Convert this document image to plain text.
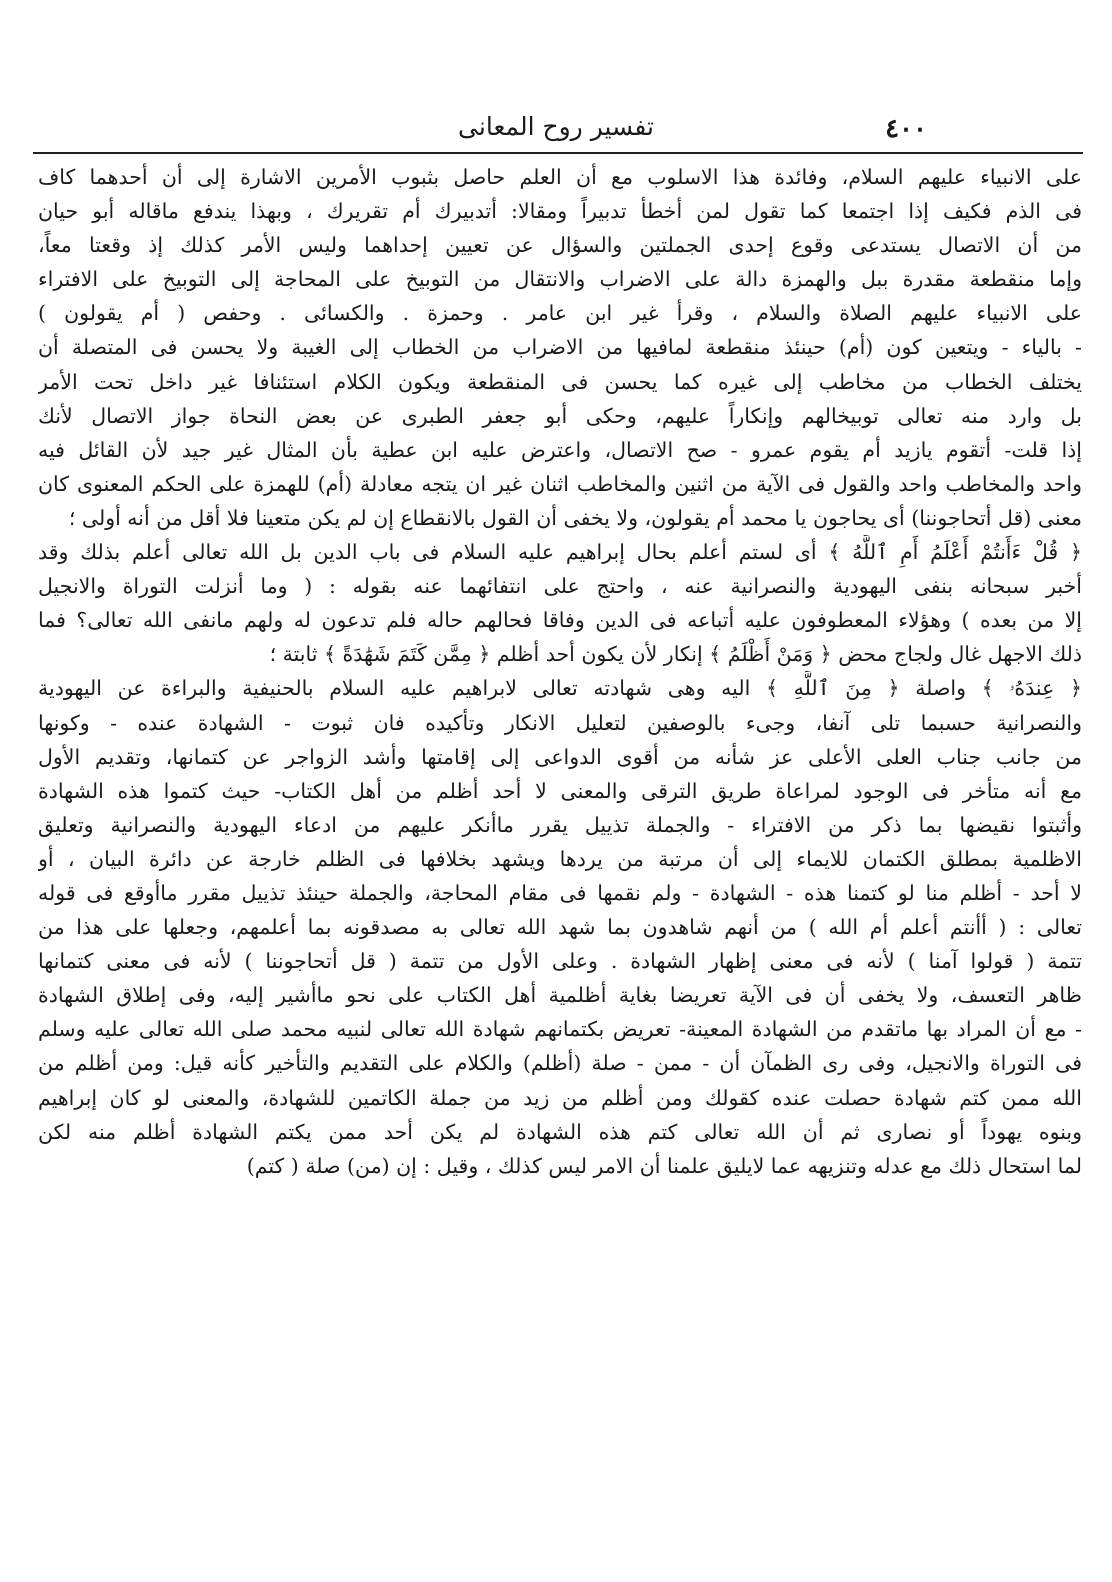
٤٠٠
تفسير روح المعانى
على الانبياء عليهم السلام، وفائدة هذا الاسلوب مع أن العلم حاصل بثبوب الأمرين الاشارة إلى أن أحدهما كاف
فى الذم فكيف إذا اجتمعا كما تقول لمن أخطأ تدبيراً ومقالا: أتدبيرك أم تقريرك ، وبهذا يندفع ماقاله أبو حيان
من أن الاتصال يستدعى وقوع إحدى الجملتين والسؤال عن تعيين إحداهما وليس الأمر كذلك إذ وقعتا معاً،
وإما منقطعة مقدرة ببل والهمزة دالة على الاضراب والانتقال من التوبيخ على المحاجة إلى التوبيخ على الافتراء
على الانبياء عليهم الصلاة والسلام ، وقرأ غير ابن عامر . وحمزة . والكسائى . وحفص ( أم يقولون )
- بالياء - ويتعين كون (أم) حينئذ منقطعة لمافيها من الاضراب من الخطاب إلى الغيبة ولا يحسن فى المتصلة أن
يختلف الخطاب من مخاطب إلى غيره كما يحسن فى المنقطعة ويكون الكلام استئنافا غير داخل تحت الأمر
بل وارد منه تعالى توبيخالهم وإنكاراً عليهم، وحكى أبو جعفر الطبرى عن بعض النحاة جواز الاتصال لأنك
إذا قلت- أتقوم يازيد أم يقوم عمرو - صح الاتصال، واعترض عليه ابن عطية بأن المثال غير جيد لأن القائل فيه
واحد والمخاطب واحد والقول فى الآية من اثنين والمخاطب اثنان غير ان يتجه معادلة (أم) للهمزة على الحكم المعنوى كان
معنى (قل أتحاجوننا) أى يحاجون يا محمد أم يقولون، ولا يخفى أن القول بالانقطاع إن لم يكن متعينا فلا أقل من أنه أولى ؛
﴿ قُلْ ءَأَنتُمْ أَعْلَمُ أَمِ ٱللَّهُ ﴾ أى لستم أعلم بحال إبراهيم عليه السلام فى باب الدين بل الله تعالى أعلم بذلك وقد
أخبر سبحانه بنفى اليهودية والنصرانية عنه ، واحتج على انتفائهما عنه بقوله : ( وما أنزلت التوراة والانجيل
إلا من بعده ) وهؤلاء المعطوفون عليه أتباعه فى الدين وفاقا فحالهم حاله فلم تدعون له ولهم مانفى الله تعالى؟ فما
ذلك الاجهل غال ولجاج محض ﴿ وَمَنْ أَظْلَمُ ﴾ إنكار لأن يكون أحد أظلم ﴿ مِمَّن كَتَمَ شَهَٰدَةً ﴾ ثابتة ؛
﴿ عِندَهُۥ ﴾ واصلة ﴿ مِنَ ٱللَّهِ ﴾ اليه وهى شهادته تعالى لابراهيم عليه السلام بالحنيفية والبراءة عن اليهودية
والنصرانية حسبما تلى آنفا، وجىء بالوصفين لتعليل الانكار وتأكيده فان ثبوت - الشهادة عنده - وكونها
من جانب جناب العلى الأعلى عز شأنه من أقوى الدواعى إلى إقامتها وأشد الزواجر عن كتمانها، وتقديم الأول
مع أنه متأخر فى الوجود لمراعاة طريق الترقى والمعنى لا أحد أظلم من أهل الكتاب- حيث كتموا هذه الشهادة
وأثبتوا نقيضها بما ذكر من الافتراء - والجملة تذييل يقرر ماأنكر عليهم من ادعاء اليهودية والنصرانية وتعليق
الاظلمية بمطلق الكتمان للايماء إلى أن مرتبة من يردها ويشهد بخلافها فى الظلم خارجة عن دائرة البيان ، أو
لا أحد - أظلم منا لو كتمنا هذه - الشهادة - ولم نقمها فى مقام المحاجة، والجملة حينئذ تذييل مقرر ماأوقع فى قوله
تعالى : ( أأنتم أعلم أم الله ) من أنهم شاهدون بما شهد الله تعالى به مصدقونه بما أعلمهم، وجعلها على هذا من
تتمة ( قولوا آمنا ) لأنه فى معنى إظهار الشهادة . وعلى الأول من تتمة ( قل أتحاجوننا ) لأنه فى معنى كتمانها
ظاهر التعسف، ولا يخفى أن فى الآية تعريضا بغاية أظلمية أهل الكتاب على نحو ماأشير إليه، وفى إطلاق الشهادة
- مع أن المراد بها ماتقدم من الشهادة المعينة- تعريض بكتمانهم شهادة الله تعالى لنبيه محمد صلى الله تعالى عليه وسلم
فى التوراة والانجيل، وفى رى الظمآن أن - ممن - صلة (أظلم) والكلام على التقديم والتأخير كأنه قيل: ومن أظلم من
الله ممن كتم شهادة حصلت عنده كقولك ومن أظلم من زيد من جملة الكاتمين للشهادة، والمعنى لو كان إبراهيم
وبنوه يهوداً أو نصارى ثم أن الله تعالى كتم هذه الشهادة لم يكن أحد ممن يكتم الشهادة أظلم منه لكن
لما استحال ذلك مع عدله وتنزيهه عما لايليق علمنا أن الامر ليس كذلك ، وقيل : إن (من) صلة ( كتم)
